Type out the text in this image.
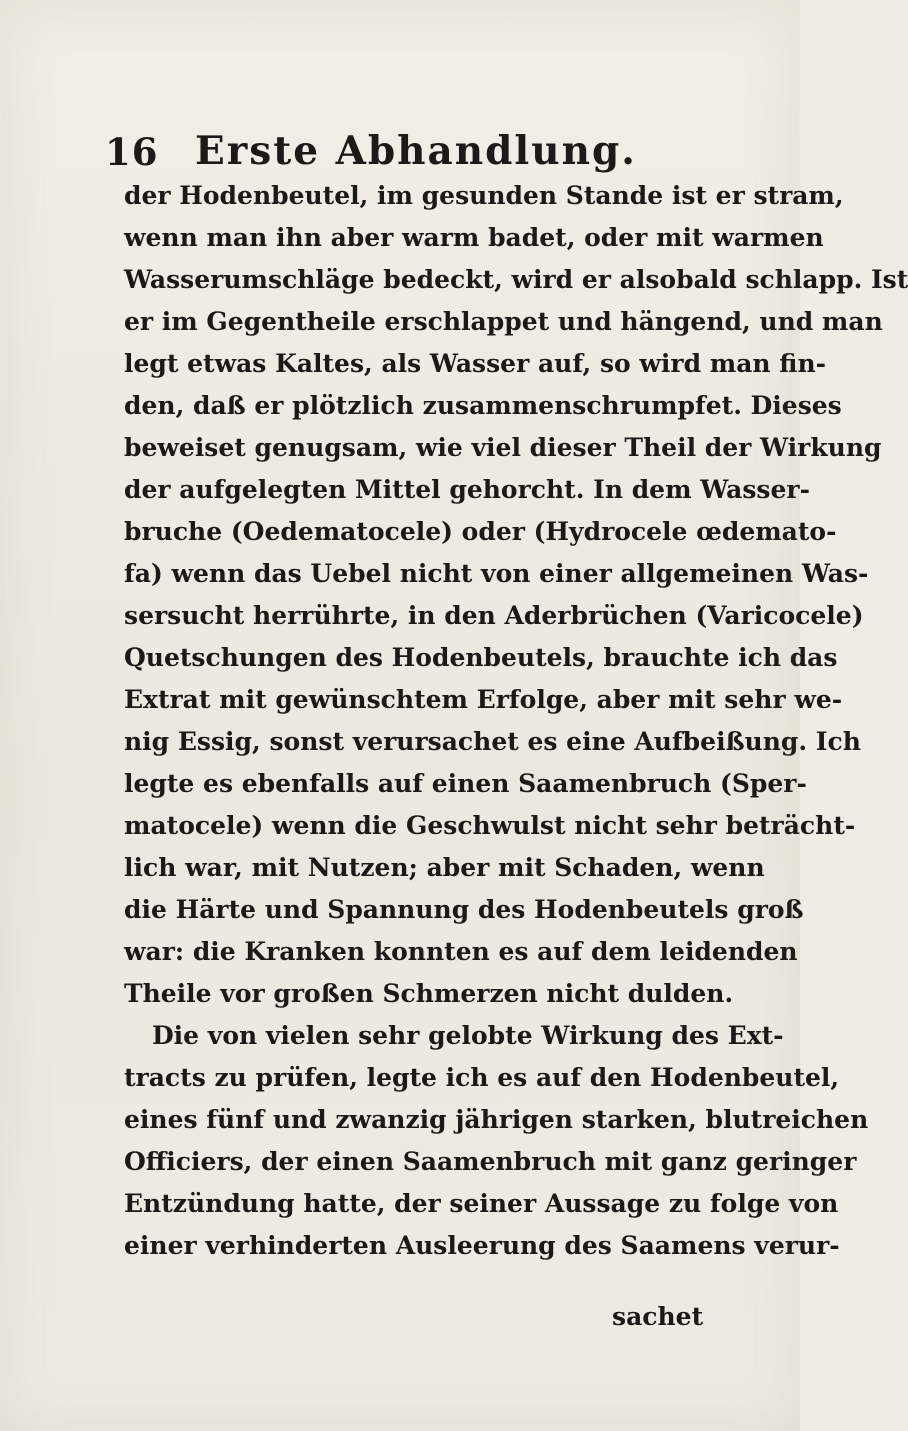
16 Erste Abhandlung.
der Hodenbeutel, im gesunden Stande ist er stram,
wenn man ihn aber warm badet, oder mit warmen
Wasserumschläge bedeckt, wird er alsobald schlapp. Ist
er im Gegentheile erschlappet und hängend, und man
legt etwas Kaltes, als Wasser auf, so wird man fin-
den, daß er plötzlich zusammenschrumpfet. Dieses
beweiset genugsam, wie viel dieser Theil der Wirkung
der aufgelegten Mittel gehorcht. In dem Wasser-
bruche (Oedematocele) oder (Hydrocele œdemato-
fa) wenn das Uebel nicht von einer allgemeinen Was-
sersucht herrührte, in den Aderbrüchen (Varicocele)
Quetschungen des Hodenbeutels, brauchte ich das
Extrat mit gewünschtem Erfolge, aber mit sehr we-
nig Essig, sonst verursachet es eine Aufbeißung. Ich
legte es ebenfalls auf einen Saamenbruch (Sper-
matocele) wenn die Geschwulst nicht sehr beträcht-
lich war, mit Nutzen; aber mit Schaden, wenn
die Härte und Spannung des Hodenbeutels groß
war: die Kranken konnten es auf dem leidenden
Theile vor großen Schmerzen nicht dulden.
Die von vielen sehr gelobte Wirkung des Ext-
tracts zu prüfen, legte ich es auf den Hodenbeutel,
eines fünf und zwanzig jährigen starken, blutreichen
Officiers, der einen Saamenbruch mit ganz geringer
Entzündung hatte, der seiner Aussage zu folge von
einer verhinderten Ausleerung des Saamens verur-
sachet
